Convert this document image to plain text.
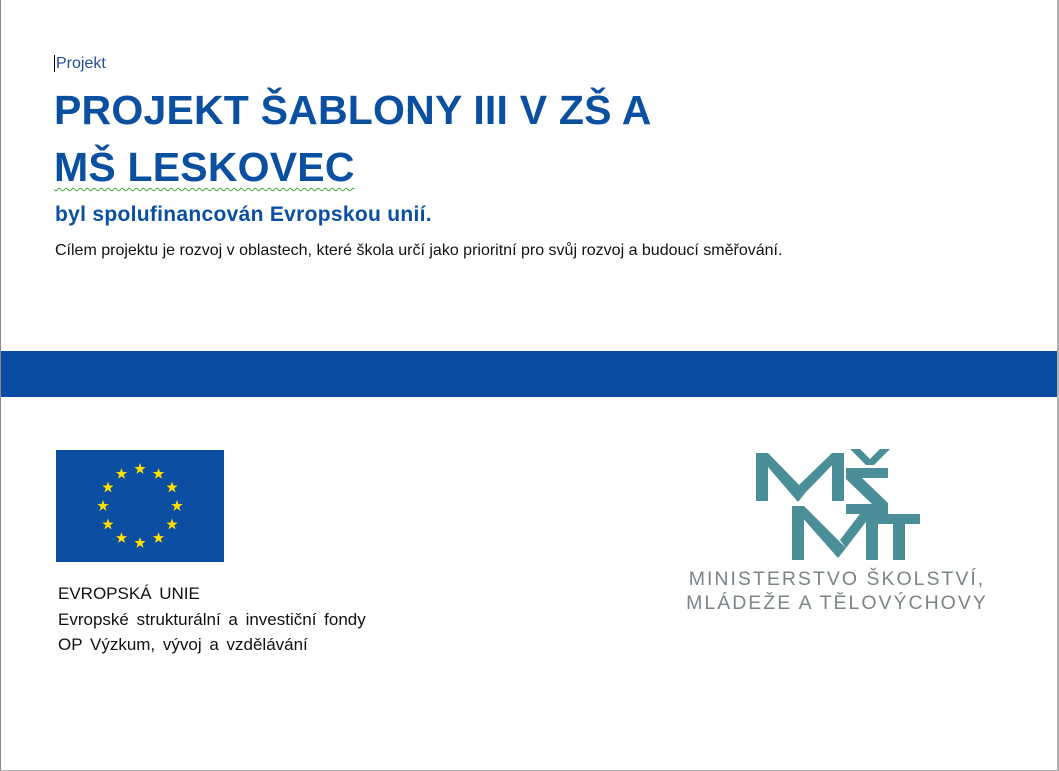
Projekt
PROJEKT ŠABLONY III V ZŠ A
MŠ LESKOVEC
byl spolufinancován Evropskou unií.
Cílem projektu je rozvoj v oblastech, které škola určí jako prioritní pro svůj rozvoj a budoucí směřování.
EVROPSKÁ UNIE
Evropské strukturální a investiční fondy
OP Výzkum, vývoj a vzdělávání
MINISTERSTVO ŠKOLSTVÍ,
MLÁDEŽE A TĚLOVÝCHOVY
